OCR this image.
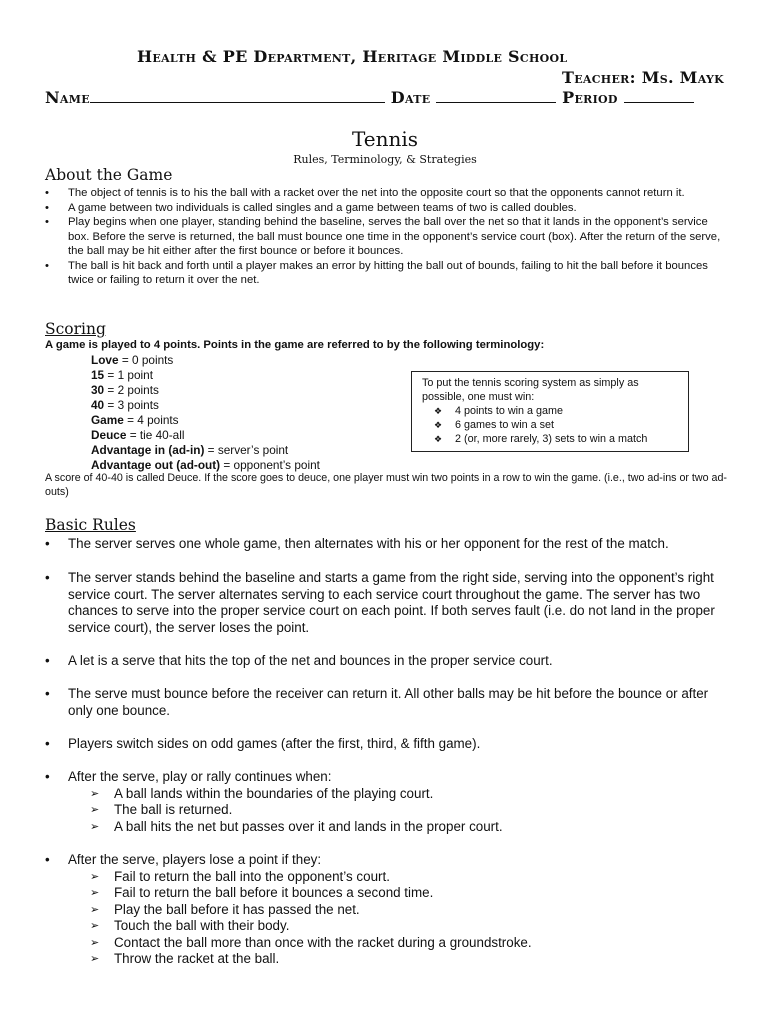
Health & PE Department, Heritage Middle School
Teacher: Ms. Mayk
Name	Date	Period
Tennis
Rules, Terminology, & Strategies
About the Game
• The object of tennis is to his the ball with a racket over the net into the opposite court so that the opponents cannot return it.
• A game between two individuals is called singles and a game between teams of two is called doubles.
• Play begins when one player, standing behind the baseline, serves the ball over the net so that it lands in the opponent’s service box. Before the serve is returned, the ball must bounce one time in the opponent’s service court (box). After the return of the serve, the ball may be hit either after the first bounce or before it bounces.
• The ball is hit back and forth until a player makes an error by hitting the ball out of bounds, failing to hit the ball before it bounces twice or failing to return it over the net.
Scoring
A game is played to 4 points. Points in the game are referred to by the following terminology:
Love = 0 points
15 = 1 point
30 = 2 points
40 = 3 points
Game = 4 points
Deuce = tie 40-all
Advantage in (ad-in) = server’s point
Advantage out (ad-out) = opponent’s point
To put the tennis scoring system as simply as possible, one must win:
❖ 4 points to win a game
❖ 6 games to win a set
❖ 2 (or, more rarely, 3) sets to win a match
A score of 40-40 is called Deuce. If the score goes to deuce, one player must win two points in a row to win the game. (i.e., two ad-ins or two ad-outs)
Basic Rules
• The server serves one whole game, then alternates with his or her opponent for the rest of the match.
• The server stands behind the baseline and starts a game from the right side, serving into the opponent’s right service court. The server alternates serving to each service court throughout the game. The server has two chances to serve into the proper service court on each point. If both serves fault (i.e. do not land in the proper service court), the server loses the point.
• A let is a serve that hits the top of the net and bounces in the proper service court.
• The serve must bounce before the receiver can return it. All other balls may be hit before the bounce or after only one bounce.
• Players switch sides on odd games (after the first, third, & fifth game).
• After the serve, play or rally continues when:
➢ A ball lands within the boundaries of the playing court.
➢ The ball is returned.
➢ A ball hits the net but passes over it and lands in the proper court.
• After the serve, players lose a point if they:
➢ Fail to return the ball into the opponent’s court.
➢ Fail to return the ball before it bounces a second time.
➢ Play the ball before it has passed the net.
➢ Touch the ball with their body.
➢ Contact the ball more than once with the racket during a groundstroke.
➢ Throw the racket at the ball.
